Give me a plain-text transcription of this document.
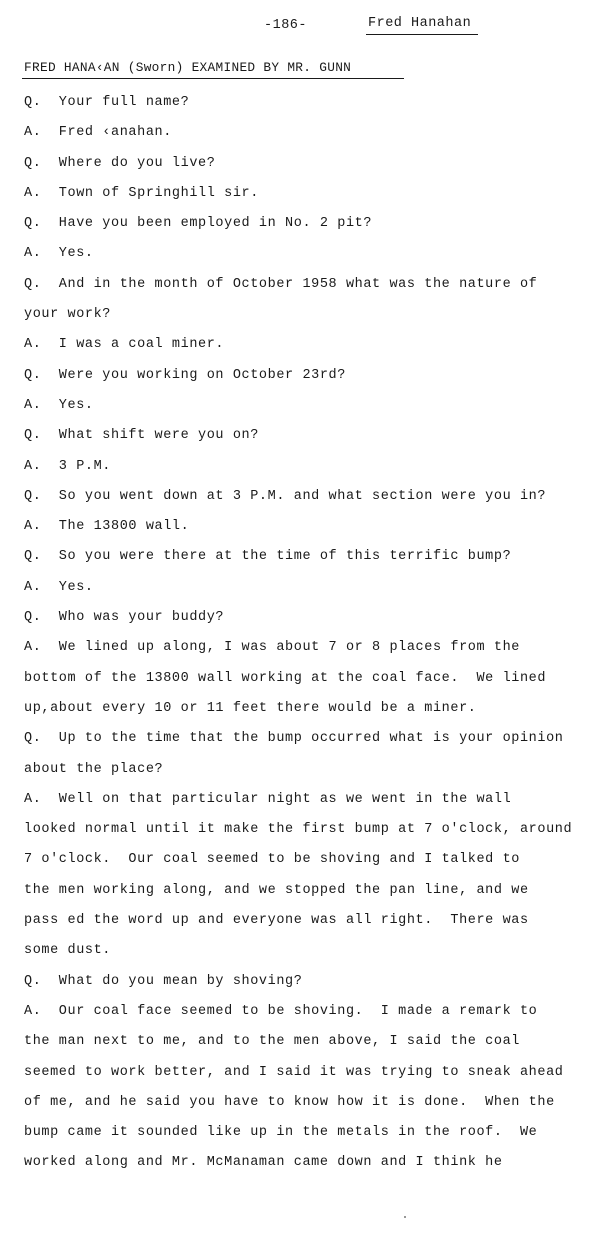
-186-	Fred Hanahan
FRED HANA‹AN (Sworn) EXAMINED BY MR. GUNN
Q.  Your full name?
A.  Fred ‹anahan.
Q.  Where do you live?
A.  Town of Springhill sir.
Q.  Have you been employed in No. 2 pit?
A.  Yes.
Q.  And in the month of October 1958 what was the nature of
your work?
A.  I was a coal miner.
Q.  Were you working on October 23rd?
A.  Yes.
Q.  What shift were you on?
A.  3 P.M.
Q.  So you went down at 3 P.M. and what section were you in?
A.  The 13800 wall.
Q.  So you were there at the time of this terrific bump?
A.  Yes.
Q.  Who was your buddy?
A.  We lined up along, I was about 7 or 8 places from the
bottom of the 13800 wall working at the coal face.  We lined
up,about every 10 or 11 feet there would be a miner.
Q.  Up to the time that the bump occurred what is your opinion
about the place?
A.  Well on that particular night as we went in the wall
looked normal until it make the first bump at 7 o'clock, around
7 o'clock.  Our coal seemed to be shoving and I talked to
the men working along, and we stopped the pan line, and we
pass ed the word up and everyone was all right.  There was
some dust.
Q.  What do you mean by shoving?
A.  Our coal face seemed to be shoving.  I made a remark to
the man next to me, and to the men above, I said the coal
seemed to work better, and I said it was trying to sneak ahead
of me, and he said you have to know how it is done.  When the
bump came it sounded like up in the metals in the roof.  We
worked along and Mr. McManaman came down and I think he
